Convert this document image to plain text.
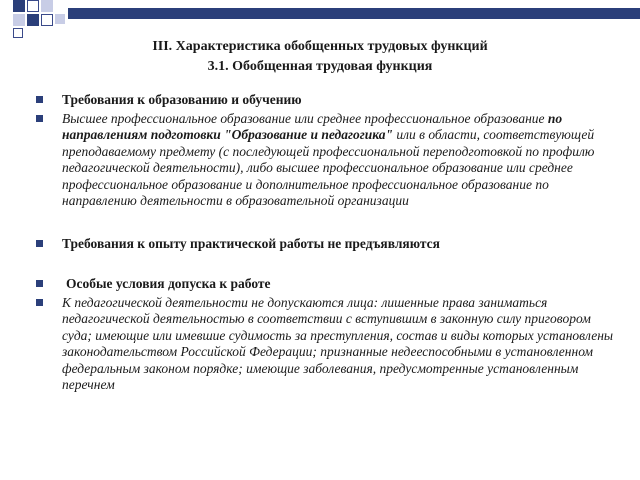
III. Характеристика обобщенных трудовых функций
3.1. Обобщенная трудовая функция
Требования к образованию и обучению
Высшее профессиональное образование или среднее профессиональное образование по направлениям подготовки "Образование и педагогика" или в области, соответствующей преподаваемому предмету (с последующей профессиональной переподготовкой по профилю педагогической деятельности), либо высшее профессиональное образование или среднее профессиональное образование и дополнительное профессиональное образование по направлению деятельности в образовательной организации
Требования к опыту практической работы не предъявляются
Особые условия допуска к работе
К педагогической деятельности не допускаются лица: лишенные права заниматься педагогической деятельностью в соответствии с вступившим в законную силу приговором суда; имеющие или имевшие судимость за преступления, состав и виды которых установлены законодательством Российской Федерации; признанные недееспособными в установленном федеральным законом порядке; имеющие заболевания, предусмотренные установленным перечнем
